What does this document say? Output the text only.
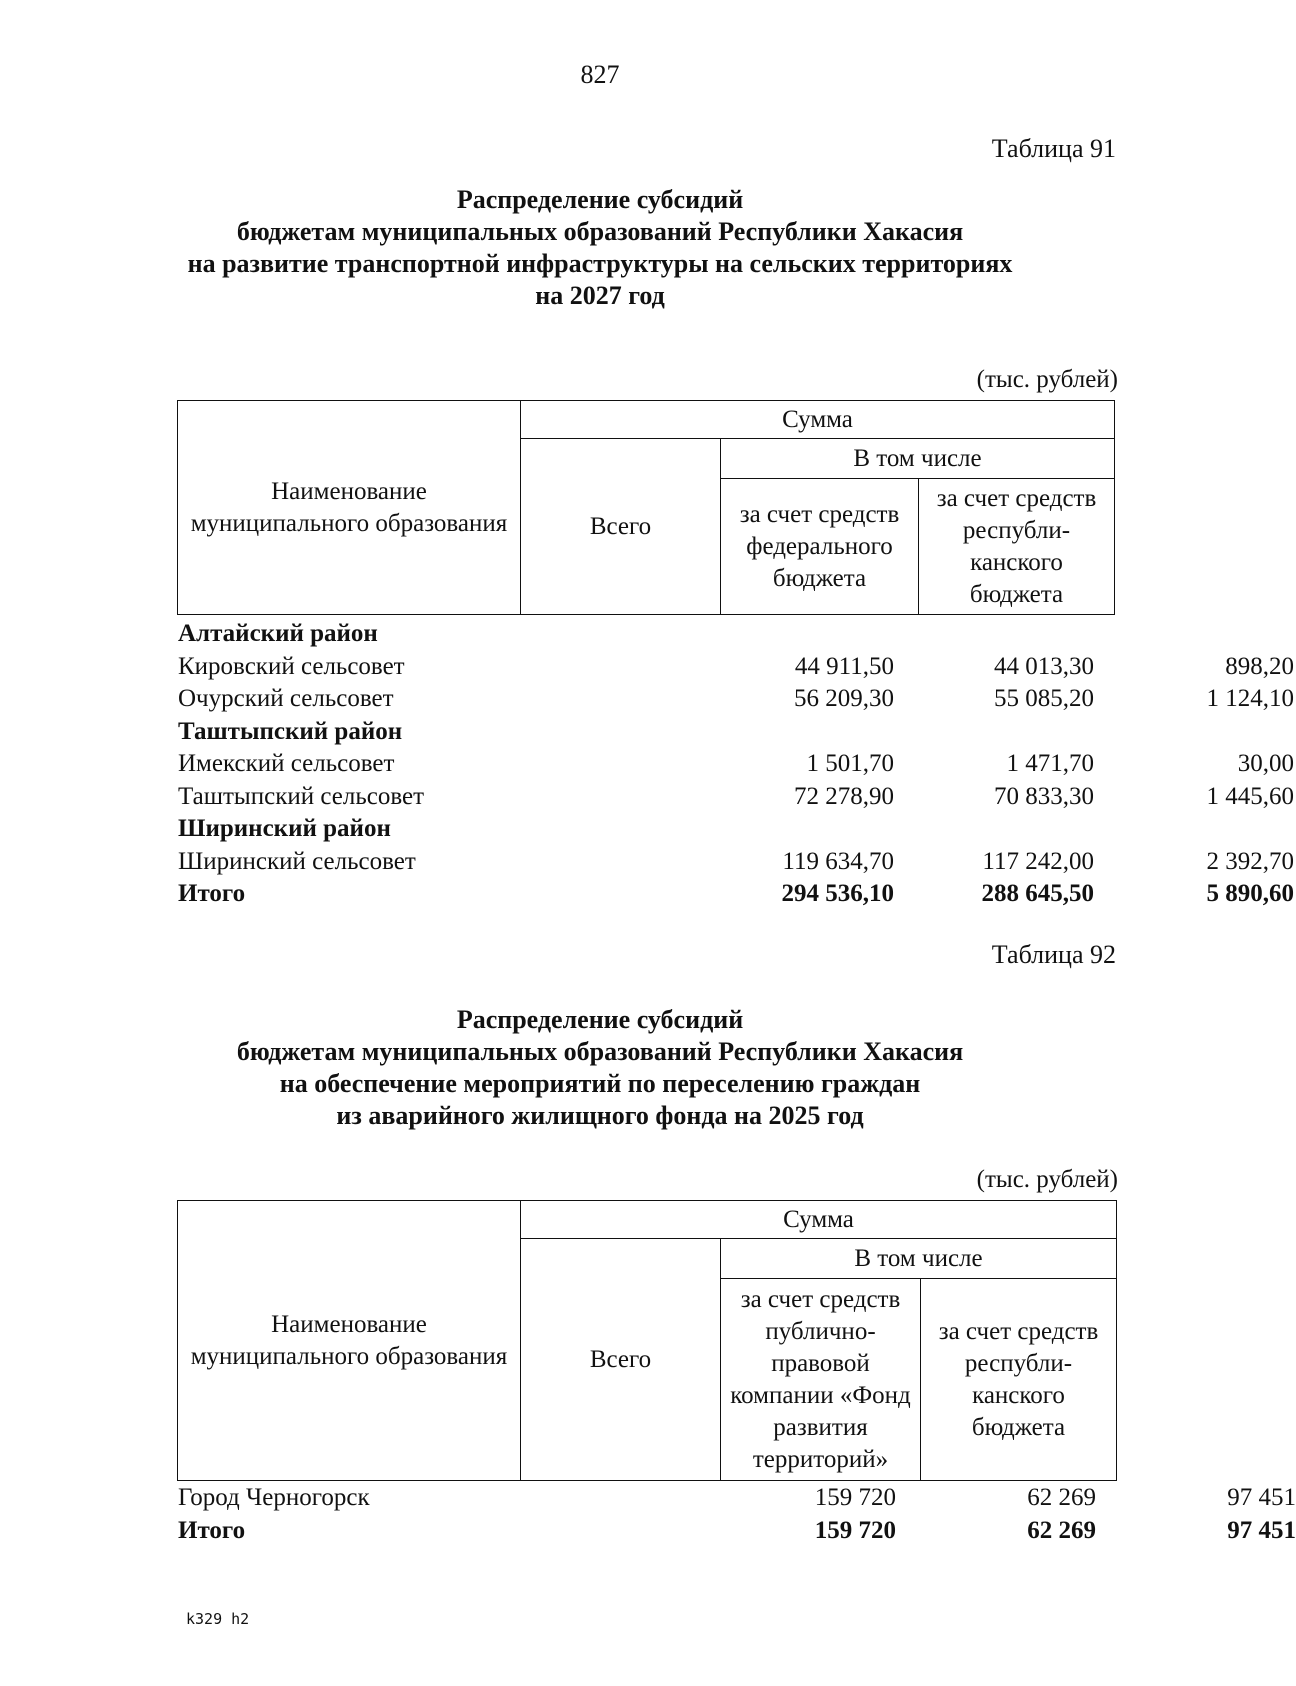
827
Таблица 91
Распределение субсидий
бюджетам муниципальных образований Республики Хакасия
на развитие транспортной инфраструктуры на сельских территориях
на 2027 год
(тыс. рублей)
Наименование муниципального образования	Сумма		
	Всего	В том числе	
		за счет средств федерального бюджета	за счет средств республи-канского бюджета
Алтайский район			
Кировский сельсовет	44 911,50	44 013,30	898,20
Очурский сельсовет	56 209,30	55 085,20	1 124,10
Таштыпский район			
Имекский сельсовет	1 501,70	1 471,70	30,00
Таштыпский сельсовет	72 278,90	70 833,30	1 445,60
Ширинский район			
Ширинский сельсовет	119 634,70	117 242,00	2 392,70
Итого	294 536,10	288 645,50	5 890,60
Таблица 92
Распределение субсидий
бюджетам муниципальных образований Республики Хакасия
на обеспечение мероприятий по переселению граждан
из аварийного жилищного фонда на 2025 год
(тыс. рублей)
Наименование муниципального образования	Сумма		
	Всего	В том числе	
		за счет средств публично-правовой компании «Фонд развития территорий»	за счет средств республи-канского бюджета
Город Черногорск	159 720	62 269	97 451
Итого	159 720	62 269	97 451
k329 h2
